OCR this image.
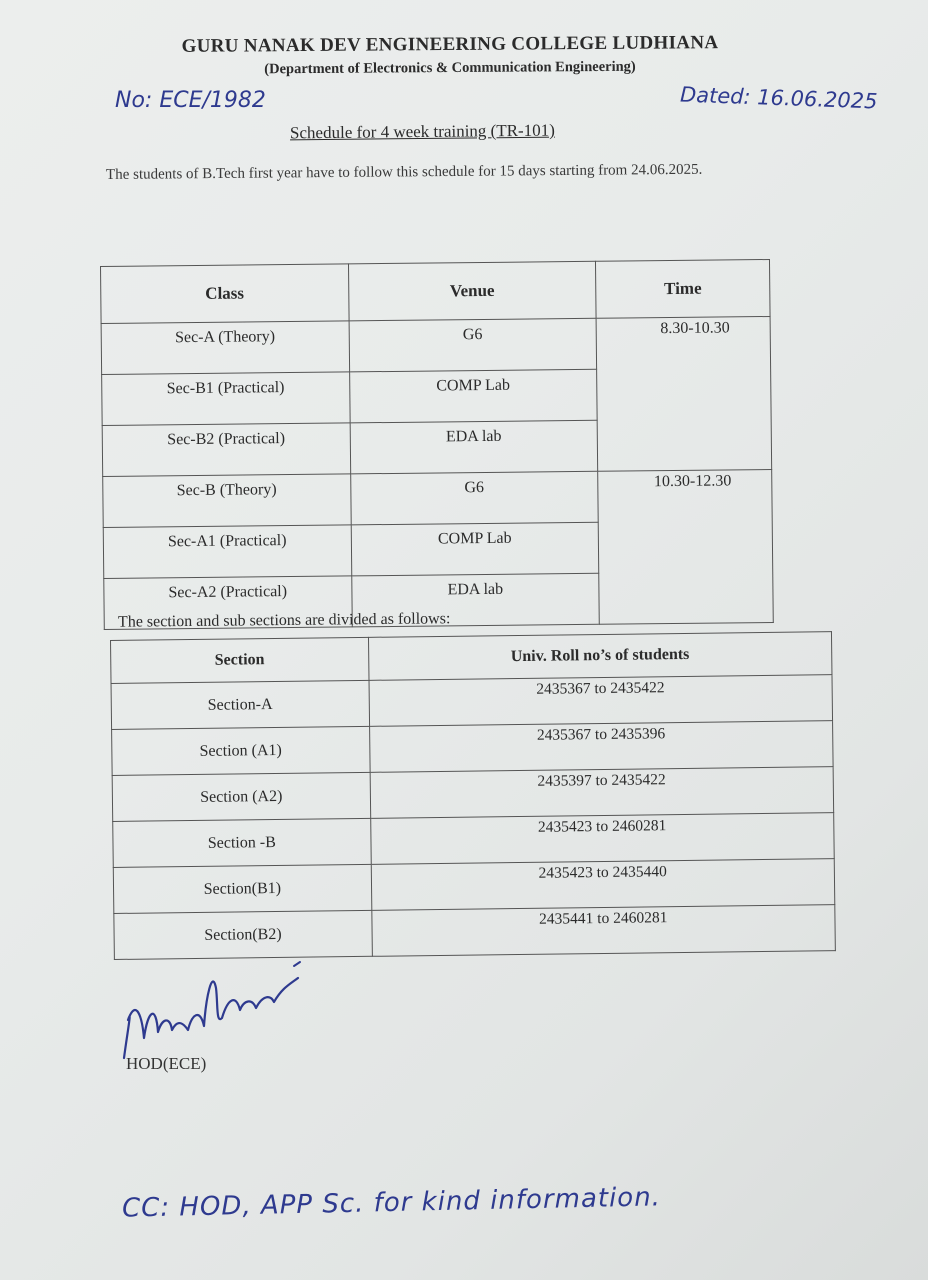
GURU NANAK DEV ENGINEERING COLLEGE LUDHIANA
(Department of Electronics & Communication Engineering)
No: ECE/1982	Dated: 16.06.2025
Schedule for 4 week training (TR-101)
The students of B.Tech first year have to follow this schedule for 15 days starting from 24.06.2025.
Class	Venue	Time
Sec-A (Theory)	G6	8.30-10.30
Sec-B1 (Practical)	COMP Lab	
Sec-B2 (Practical)	EDA lab	
Sec-B (Theory)	G6	10.30-12.30
Sec-A1 (Practical)	COMP Lab	
Sec-A2 (Practical)	EDA lab	
The section and sub sections are divided as follows:
Section	Univ. Roll no’s of students
Section-A	2435367 to 2435422
Section (A1)	2435367 to 2435396
Section (A2)	2435397 to 2435422
Section -B	2435423 to 2460281
Section(B1)	2435423 to 2435440
Section(B2)	2435441 to 2460281
HOD(ECE)
CC: HOD, APP Sc. for kind information.
